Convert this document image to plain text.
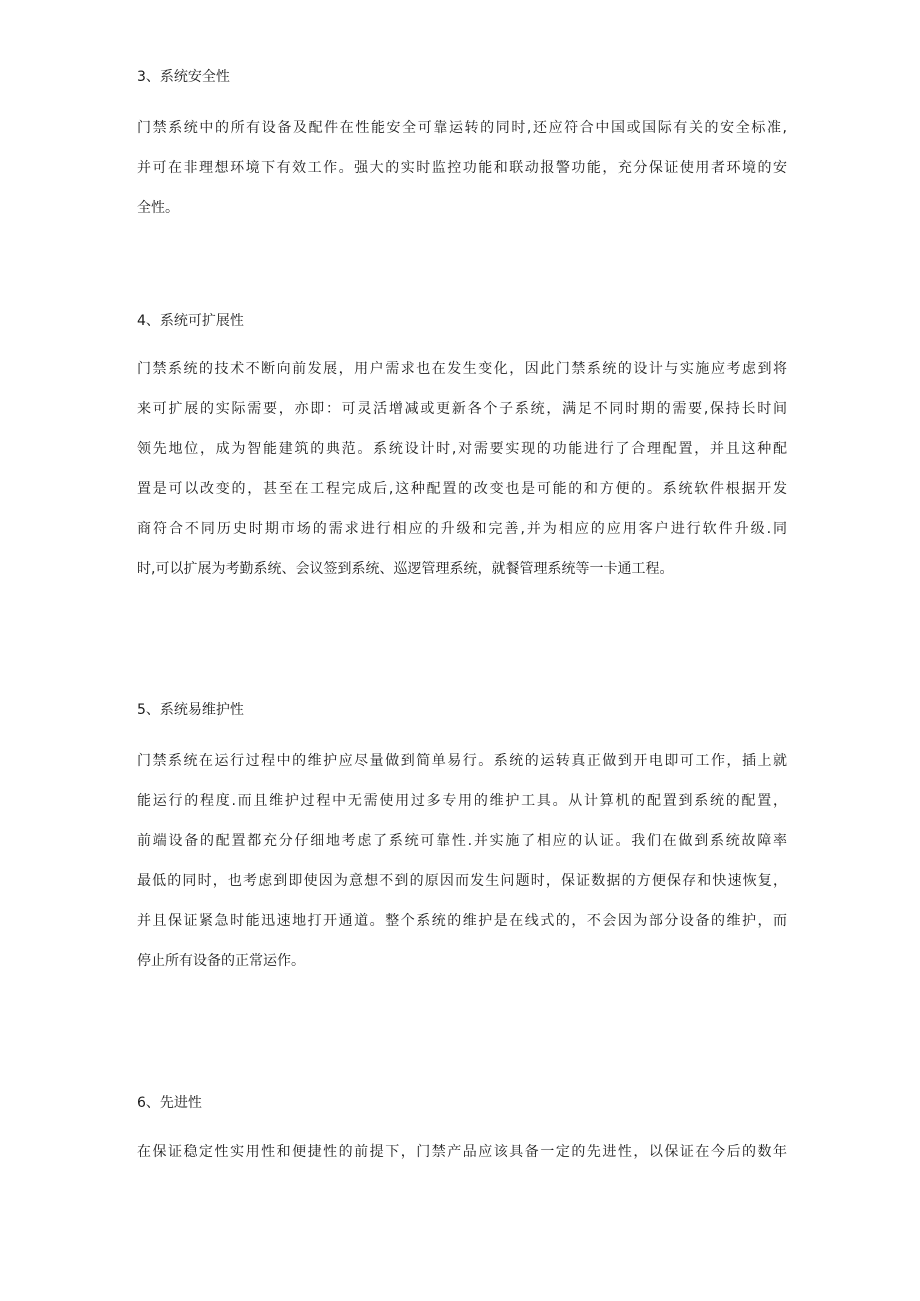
3、系统安全性
门禁系统中的所有设备及配件在性能安全可靠运转的同时,还应符合中国或国际有关的安全标准,
并可在非理想环境下有效工作。强大的实时监控功能和联动报警功能，充分保证使用者环境的安
全性。
4、系统可扩展性
门禁系统的技术不断向前发展，用户需求也在发生变化，因此门禁系统的设计与实施应考虑到将
来可扩展的实际需要，亦即：可灵活增减或更新各个子系统，满足不同时期的需要,保持长时间
领先地位，成为智能建筑的典范。系统设计时,对需要实现的功能进行了合理配置，并且这种配
置是可以改变的，甚至在工程完成后,这种配置的改变也是可能的和方便的。系统软件根据开发
商符合不同历史时期市场的需求进行相应的升级和完善,并为相应的应用客户进行软件升级.同
时,可以扩展为考勤系统、会议签到系统、巡逻管理系统，就餐管理系统等一卡通工程。
5、系统易维护性
门禁系统在运行过程中的维护应尽量做到简单易行。系统的运转真正做到开电即可工作，插上就
能运行的程度.而且维护过程中无需使用过多专用的维护工具。从计算机的配置到系统的配置，
前端设备的配置都充分仔细地考虑了系统可靠性.并实施了相应的认证。我们在做到系统故障率
最低的同时，也考虑到即使因为意想不到的原因而发生问题时，保证数据的方便保存和快速恢复，
并且保证紧急时能迅速地打开通道。整个系统的维护是在线式的，不会因为部分设备的维护，而
停止所有设备的正常运作。
6、先进性
在保证稳定性实用性和便捷性的前提下，门禁产品应该具备一定的先进性，以保证在今后的数年
